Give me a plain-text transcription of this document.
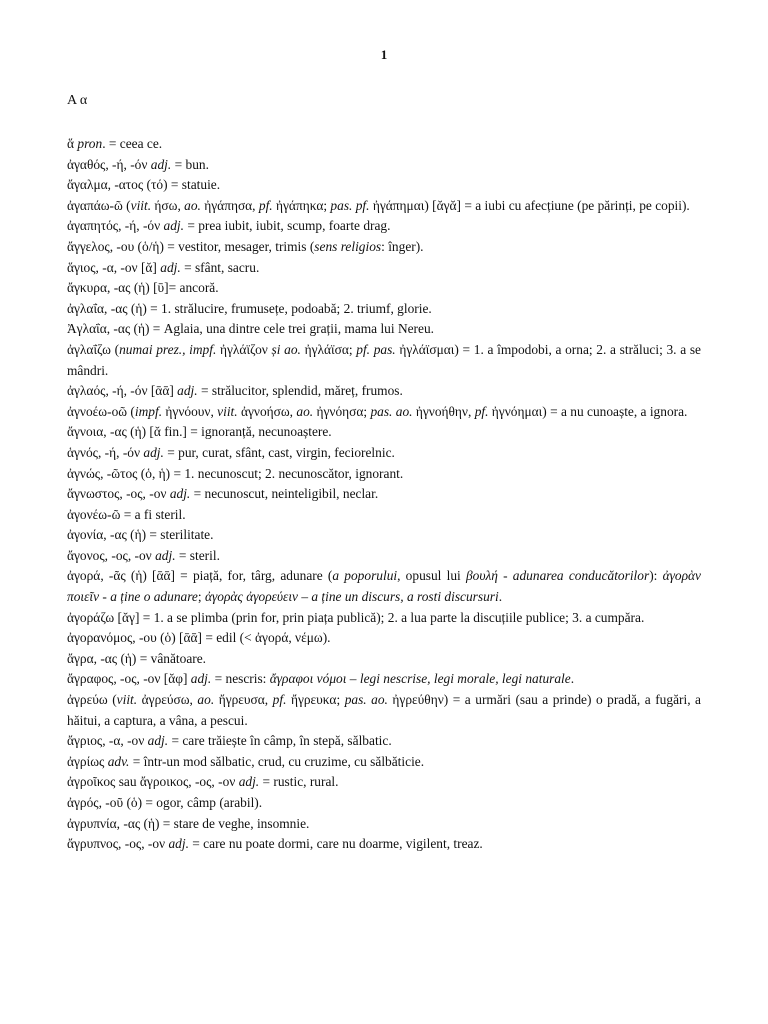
1
Α α

ἅ pron. = ceea ce.

ἀγαθός, -ή, -όν adj. = bun.

ἄγαλμα, -ατος (τό) = statuie.

ἀγαπάω-ῶ (viit. ήσω, ao. ἠγάπησα, pf. ἠγάπηκα; pas. pf. ἠγάπημαι) [ᾰγᾰ] = a iubi cu afecțiune (pe părinți, pe copii).

ἀγαπητός, -ή, -όν adj. = prea iubit, iubit, scump, foarte drag.

ἄγγελος, -ου (ὁ/ἡ) = vestitor, mesager, trimis (sens religios: înger).

ἅγιος, -α, -ον [ᾰ] adj. = sfânt, sacru.

ἄγκυρα, -ας (ἡ) [ῡ]= ancoră.

ἀγλαΐα, -ας (ἡ) = 1. strălucire, frumusețe, podoabă; 2. triumf, glorie.

Ἀγλαΐα, -ας (ἡ) = Aglaia, una dintre cele trei grații, mama lui Nereu.

ἀγλαΐζω (numai prez., impf. ἠγλάϊζον și ao. ἠγλάϊσα; pf. pas. ἠγλάϊσμαι) = 1. a împodobi, a orna; 2. a străluci; 3. a se mândri.

ἀγλαός, -ή, -όν [ᾱᾱ] adj. = strălucitor, splendid, măreț, frumos.

ἀγνοέω-οῶ (impf. ἠγνόουν, viit. ἀγνοήσω, ao. ἠγνόησα; pas. ao. ἠγνοήθην, pf. ἠγνόημαι) = a nu cunoaște, a ignora.

ἄγνοια, -ας (ἡ) [ᾰ fin.] = ignoranță, necunoaștere.

ἁγνός, -ή, -όν adj. = pur, curat, sfânt, cast, virgin, feciorelnic.

ἀγνώς, -ῶτος (ὁ, ἡ) = 1. necunoscut; 2. necunoscător, ignorant.

ἄγνωστος, -ος, -ον adj. = necunoscut, neinteligibil, neclar.

ἀγονέω-ῶ = a fi steril.

ἀγονία, -ας (ἡ) = sterilitate.

ἄγονος, -ος, -ον adj. = steril.

ἀγορά, -ᾶς (ἡ) [ᾱᾱ] = piață, for, târg, adunare (a poporului, opusul lui βουλή - adunarea conducătorilor): ἀγορὰν ποιεῖν - a ține o adunare; ἀγορὰς ἀγορεύειν – a ține un discurs, a rosti discursuri.

ἀγοράζω [ᾰγ] = 1. a se plimba (prin for, prin piața publică); 2. a lua parte la discuțiile publice; 3. a cumpăra.

ἀγορανόμος, -ου (ὁ) [ᾱᾱ] = edil (< ἀγορά, νέμω).

ἄγρα, -ας (ἡ) = vânătoare.

ἄγραφος, -ος, -ον [ᾰφ] adj. = nescris: ἄγραφοι νόμοι – legi nescrise, legi morale, legi naturale.

ἀγρεύω (viit. ἀγρεύσω, ao. ἤγρευσα, pf. ἤγρευκα; pas. ao. ἠγρεύθην) = a urmări (sau a prinde) o pradă, a fugări, a hăitui, a captura, a vâna, a pescui.

ἄγριος, -α, -ον adj. = care trăiește în câmp, în stepă, sălbatic.

ἀγρίως adv. = într-un mod sălbatic, crud, cu cruzime, cu sălbăticie.

ἀγροῖκος sau ἄγροικος, -ος, -ον adj. = rustic, rural.

ἀγρός, -οῦ (ὁ) = ogor, câmp (arabil).

ἀγρυπνία, -ας (ἡ) = stare de veghe, insomnie.

ἄγρυπνος, -ος, -ον adj. = care nu poate dormi, care nu doarme, vigilent, treaz.
